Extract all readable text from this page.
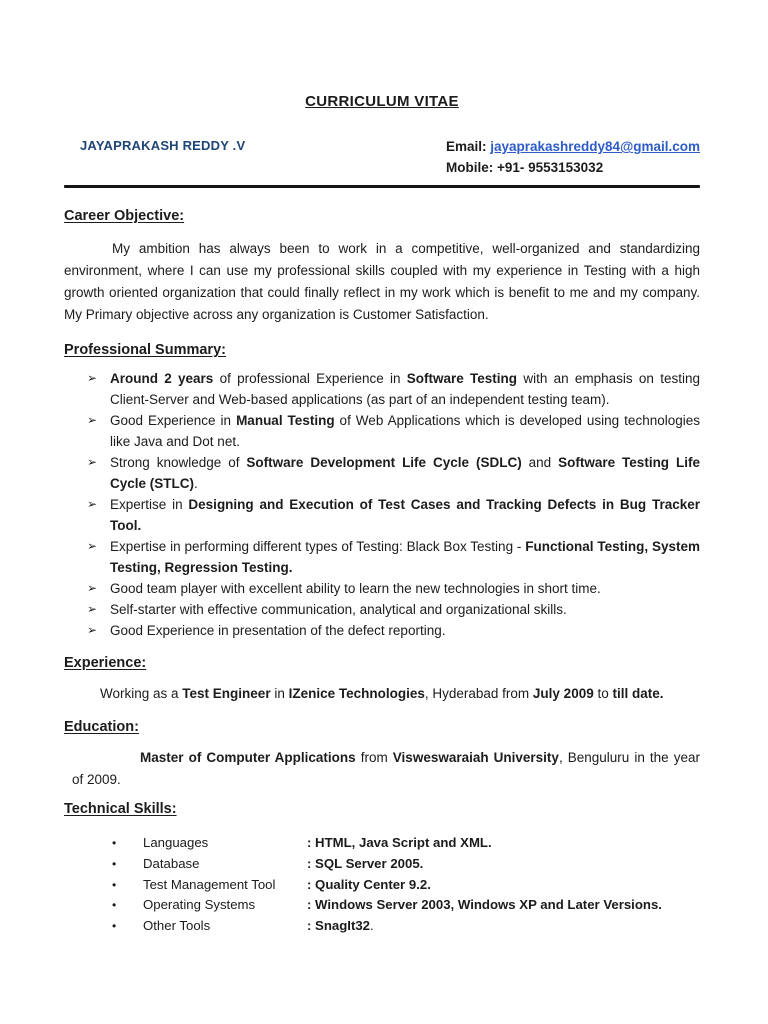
CURRICULUM VITAE
JAYAPRAKASH REDDY .V	Email: jayaprakashreddy84@gmail.com
Mobile: +91- 9553153032
Career Objective:
My ambition has always been to work in a competitive, well-organized and standardizing environment, where I can use my professional skills coupled with my experience in Testing with a high growth oriented organization that could finally reflect in my work which is benefit to me and my company. My Primary objective across any organization is Customer Satisfaction.
Professional Summary:
➢ Around 2 years of professional Experience in Software Testing with an emphasis on testing Client-Server and Web-based applications (as part of an independent testing team).
➢ Good Experience in Manual Testing of Web Applications which is developed using technologies like Java and Dot net.
➢ Strong knowledge of Software Development Life Cycle (SDLC) and Software Testing Life Cycle (STLC).
➢ Expertise in Designing and Execution of Test Cases and Tracking Defects in Bug Tracker Tool.
➢ Expertise in performing different types of Testing: Black Box Testing - Functional Testing, System Testing, Regression Testing.
➢ Good team player with excellent ability to learn the new technologies in short time.
➢ Self-starter with effective communication, analytical and organizational skills.
➢ Good Experience in presentation of the defect reporting.
Experience:
Working as a Test Engineer in IZenice Technologies, Hyderabad from July 2009 to till date.
Education:
Master of Computer Applications from Visweswaraiah University, Benguluru in the year of 2009.
Technical Skills:
•	Languages	: HTML, Java Script and XML.
•	Database	: SQL Server 2005.
•	Test Management Tool	: Quality Center 9.2.
•	Operating Systems	: Windows Server 2003, Windows XP and Later Versions.
•	Other Tools	: SnagIt32.
